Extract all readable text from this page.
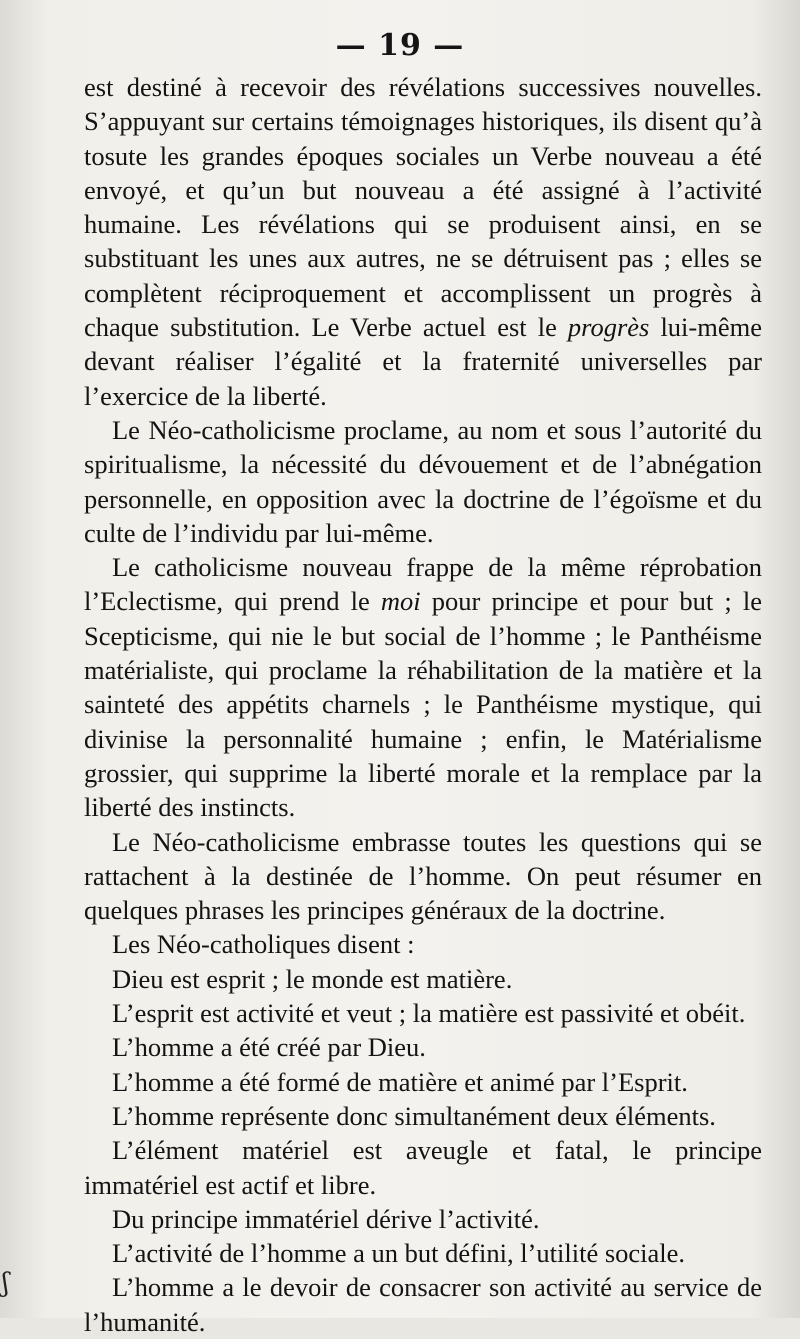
— 19 —

est destiné à recevoir des révélations successives nouvelles. S’appuyant sur certains témoignages historiques, ils disent qu’à tosute les grandes époques sociales un Verbe nouveau a été envoyé, et qu’un but nouveau a été assigné à l’activité humaine. Les révélations qui se produisent ainsi, en se substituant les unes aux autres, ne se détruisent pas ; elles se complètent réciproquement et accomplissent un progrès à chaque substitution. Le Verbe actuel est le progrès lui-même devant réaliser l’égalité et la fraternité universelles par l’exercice de la liberté.

Le Néo-catholicisme proclame, au nom et sous l’autorité du spiritualisme, la nécessité du dévouement et de l’abnégation personnelle, en opposition avec la doctrine de l’égoïsme et du culte de l’individu par lui-même.

Le catholicisme nouveau frappe de la même réprobation l’Eclectisme, qui prend le moi pour principe et pour but ; le Scepticisme, qui nie le but social de l’homme ; le Panthéisme matérialiste, qui proclame la réhabilitation de la matière et la sainteté des appétits charnels ; le Panthéisme mystique, qui divinise la personnalité humaine ; enfin, le Matérialisme grossier, qui supprime la liberté morale et la remplace par la liberté des instincts.

Le Néo-catholicisme embrasse toutes les questions qui se rattachent à la destinée de l’homme. On peut résumer en quelques phrases les principes généraux de la doctrine.

Les Néo-catholiques disent :

Dieu est esprit ; le monde est matière.

L’esprit est activité et veut ; la matière est passivité et obéit.

L’homme a été créé par Dieu.

L’homme a été formé de matière et animé par l’Esprit.

L’homme représente donc simultanément deux éléments.

L’élément matériel est aveugle et fatal, le principe immatériel est actif et libre.

Du principe immatériel dérive l’activité.

L’activité de l’homme a un but défini, l’utilité sociale.

L’homme a le devoir de consacrer son activité au service de l’humanité.

ʃ
